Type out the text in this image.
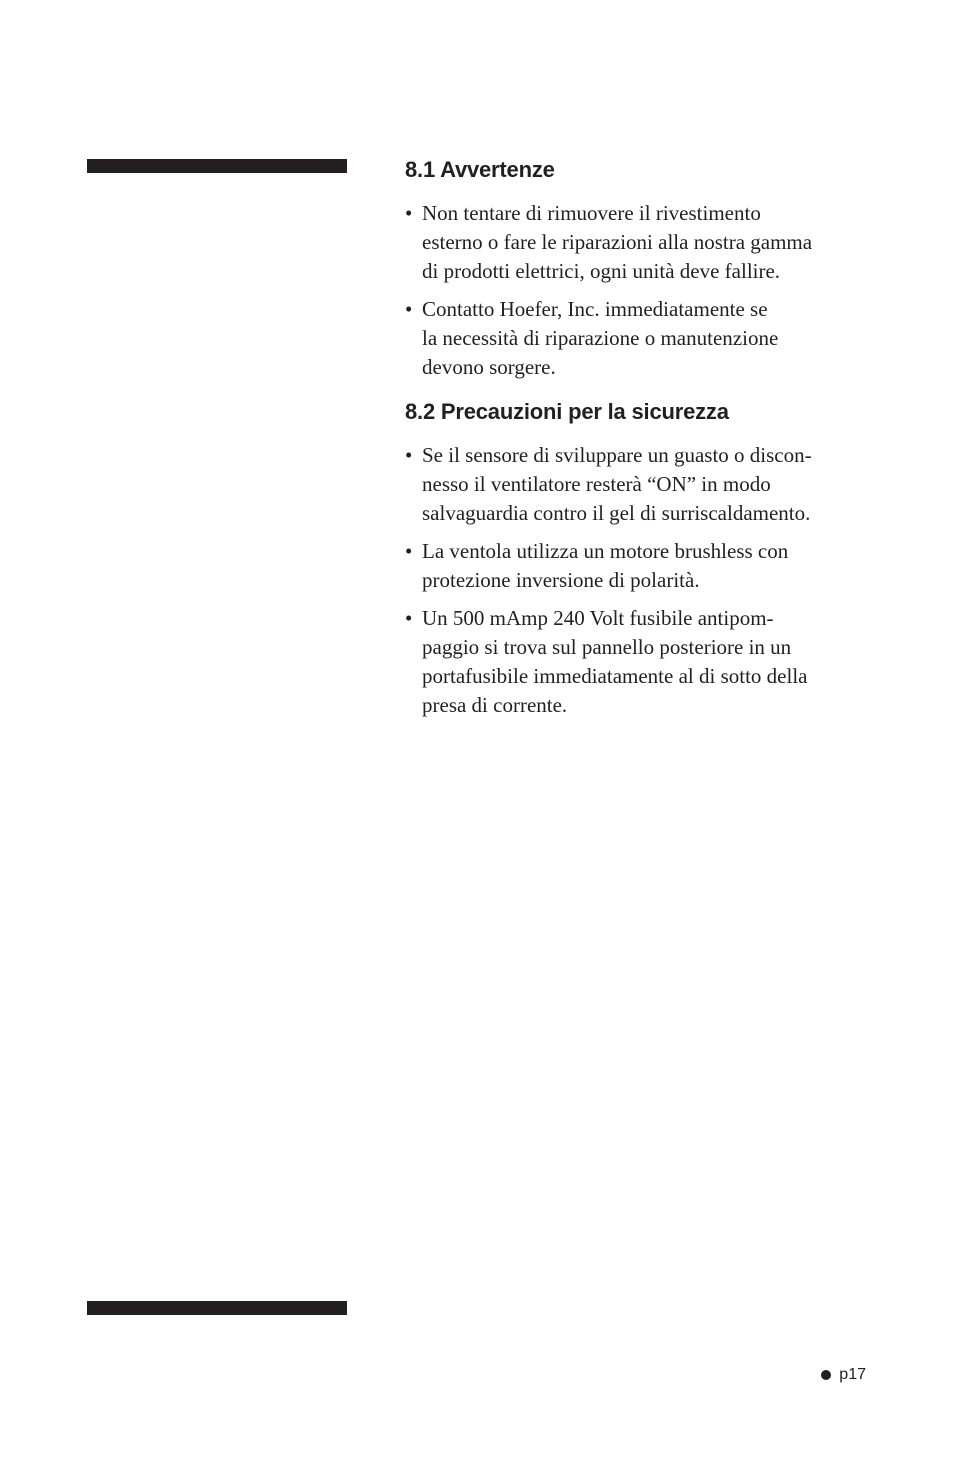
8.1 Avvertenze
• Non tentare di rimuovere il rivestimento
esterno o fare le riparazioni alla nostra gamma
di prodotti elettrici, ogni unità deve fallire.
• Contatto Hoefer, Inc. immediatamente se
la necessità di riparazione o manutenzione
devono sorgere.
8.2 Precauzioni per la sicurezza
• Se il sensore di sviluppare un guasto o discon-
nesso il ventilatore resterà “ON” in modo
salvaguardia contro il gel di surriscaldamento.
• La ventola utilizza un motore brushless con
protezione inversione di polarità.
• Un 500 mAmp 240 Volt fusibile antipom-
paggio si trova sul pannello posteriore in un
portafusibile immediatamente al di sotto della
presa di corrente.
p17
